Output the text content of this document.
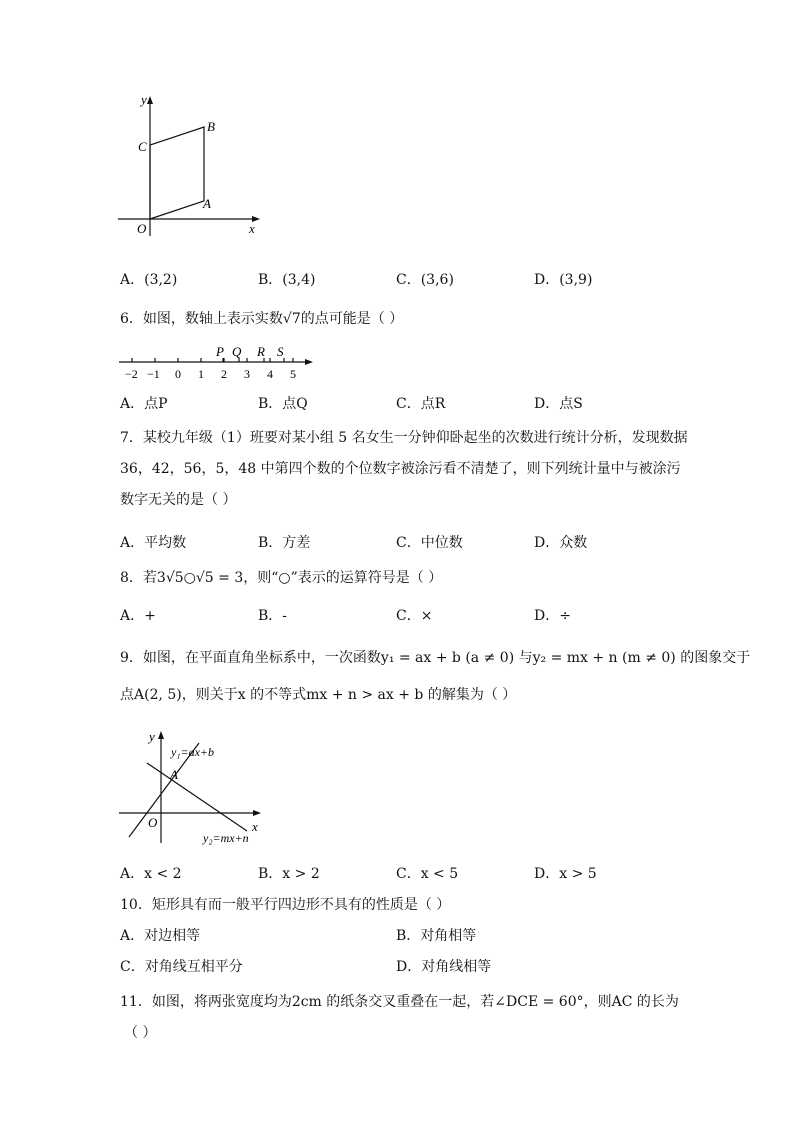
y
x
O
A
B
C
A．(3,2)	B．(3,4)	C．(3,6)	D．(3,9)
6．如图，数轴上表示实数√7的点可能是（ ）
−2 −1 0 1 2 3 4 5
P Q R S
A．点P	B．点Q	C．点R	D．点S
7．某校九年级（1）班要对某小组 5 名女生一分钟仰卧起坐的次数进行统计分析，发现数据
36，42，56，5，48 中第四个数的个位数字被涂污看不清楚了，则下列统计量中与被涂污
数字无关的是（ ）
A．平均数	B．方差	C．中位数	D．众数
8．若3√5○√5 = 3，则“○”表示的运算符号是（ ）
A．+	B．-	C．×	D．÷
9．如图，在平面直角坐标系中，一次函数y₁ = ax + b (a ≠ 0) 与y₂ = mx + n (m ≠ 0) 的图象交于
点A(2, 5)，则关于x 的不等式mx + n > ax + b 的解集为（ ）
y
x
O
A
y₁=ax+b
y₂=mx+n
A．x < 2	B．x > 2	C．x < 5	D．x > 5
10．矩形具有而一般平行四边形不具有的性质是（ ）
A．对边相等	B．对角相等
C．对角线互相平分	D．对角线相等
11．如图，将两张宽度均为2cm 的纸条交叉重叠在一起，若∠DCE = 60°，则AC 的长为
（ ）
